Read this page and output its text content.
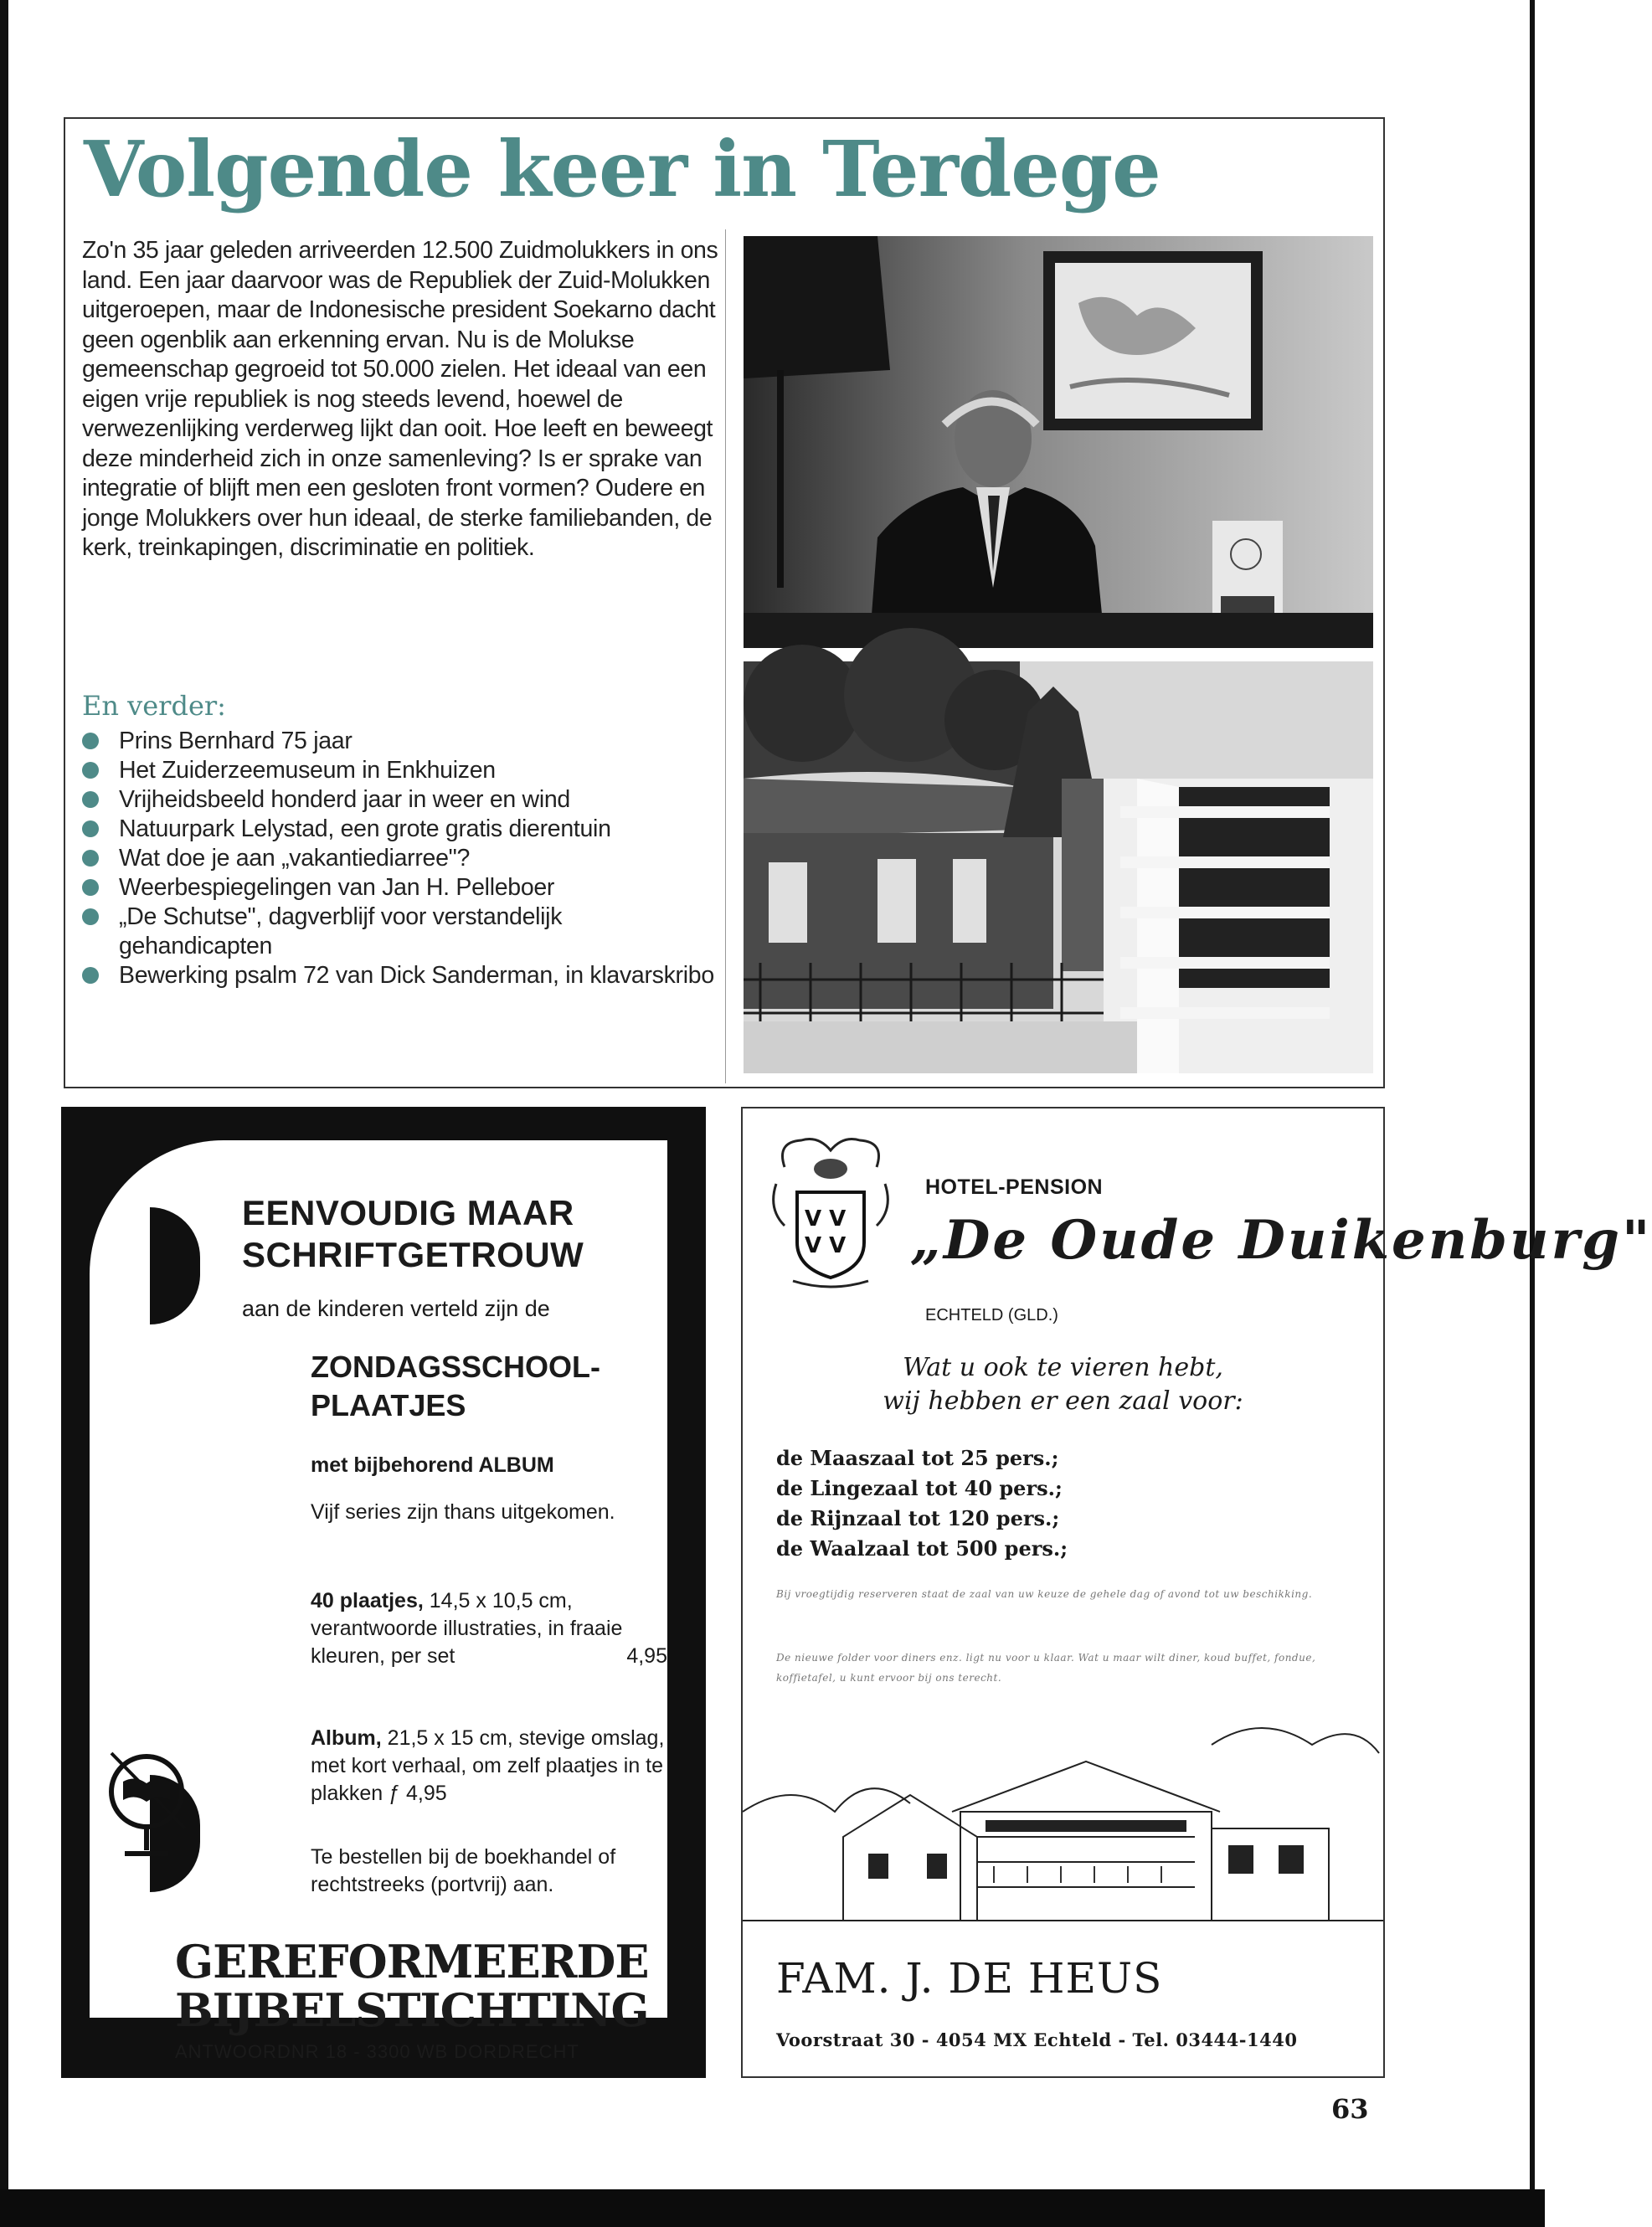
Volgende keer in Terdege

Zo'n 35 jaar geleden arriveerden 12.500 Zuidmolukkers in ons land. Een jaar daarvoor was de Republiek der Zuid-Molukken uitgeroepen, maar de Indonesische president Soekarno dacht geen ogenblik aan erkenning ervan. Nu is de Molukse gemeenschap gegroeid tot 50.000 zielen. Het ideaal van een eigen vrije republiek is nog steeds levend, hoewel de verwezenlijking verderweg lijkt dan ooit. Hoe leeft en beweegt deze minderheid zich in onze samenleving? Is er sprake van integratie of blijft men een gesloten front vormen? Oudere en jonge Molukkers over hun ideaal, de sterke familiebanden, de kerk, treinkapingen, discriminatie en politiek.

En verder:
Prins Bernhard 75 jaar
Het Zuiderzeemuseum in Enkhuizen
Vrijheidsbeeld honderd jaar in weer en wind
Natuurpark Lelystad, een grote gratis dierentuin
Wat doe je aan „vakantiediarree"?
Weerbespiegelingen van Jan H. Pelleboer
„De Schutse", dagverblijf voor verstandelijk gehandicapten
Bewerking psalm 72 van Dick Sanderman, in klavarskribo
EENVOUDIG MAAR
SCHRIFTGETROUW
aan de kinderen verteld zijn de
ZONDAGSSCHOOL-
PLAATJES
met bijbehorend ALBUM
Vijf series zijn thans uitgekomen.
40 plaatjes, 14,5 x 10,5 cm, verantwoorde illustraties, in fraaie kleuren, per set	4,95
Album, 21,5 x 15 cm, stevige omslag, met kort verhaal, om zelf plaatjes in te plakken ƒ 4,95
Te bestellen bij de boekhandel of rechtstreeks (portvrij) aan.
GEREFORMEERDE
BIJBELSTICHTING
ANTWOORDNR 18 - 3300 WB DORDRECHT
V V
V V
HOTEL-PENSION
„De Oude Duikenburg"
ECHTELD (GLD.)
Wat u ook te vieren hebt,
wij hebben er een zaal voor:
de Maaszaal tot 25 pers.;
de Lingezaal tot 40 pers.;
de Rijnzaal tot 120 pers.;
de Waalzaal tot 500 pers.;
Bij vroegtijdig reserveren staat de zaal van uw keuze de gehele dag of avond tot uw beschikking.
De nieuwe folder voor diners enz. ligt nu voor u klaar. Wat u maar wilt diner, koud buffet, fondue, koffietafel, u kunt ervoor bij ons terecht.
FAM. J. DE HEUS
Voorstraat 30 - 4054 MX Echteld - Tel. 03444-1440
63
